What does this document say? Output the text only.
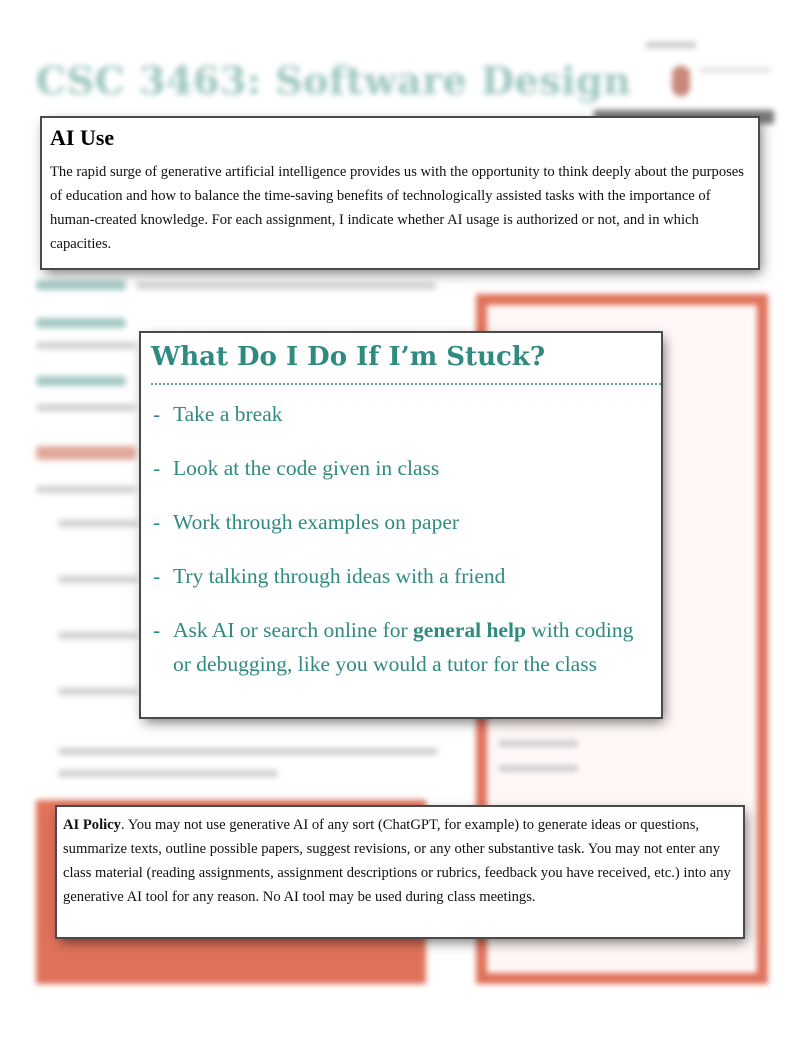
CSC 3463: Software Design
AI Use

The rapid surge of generative artificial intelligence provides us with the opportunity to think deeply about the purposes of education and how to balance the time-saving benefits of technologically assisted tasks with the importance of human-created knowledge. For each assignment, I indicate whether AI usage is authorized or not, and in which capacities.

What Do I Do If I’m Stuck?
- Take a break
- Look at the code given in class
- Work through examples on paper
- Try talking through ideas with a friend
- Ask AI or search online for general help with coding or debugging, like you would a tutor for the class

AI Policy. You may not use generative AI of any sort (ChatGPT, for example) to generate ideas or questions, summarize texts, outline possible papers, suggest revisions, or any other substantive task. You may not enter any class material (reading assignments, assignment descriptions or rubrics, feedback you have received, etc.) into any generative AI tool for any reason. No AI tool may be used during class meetings.
